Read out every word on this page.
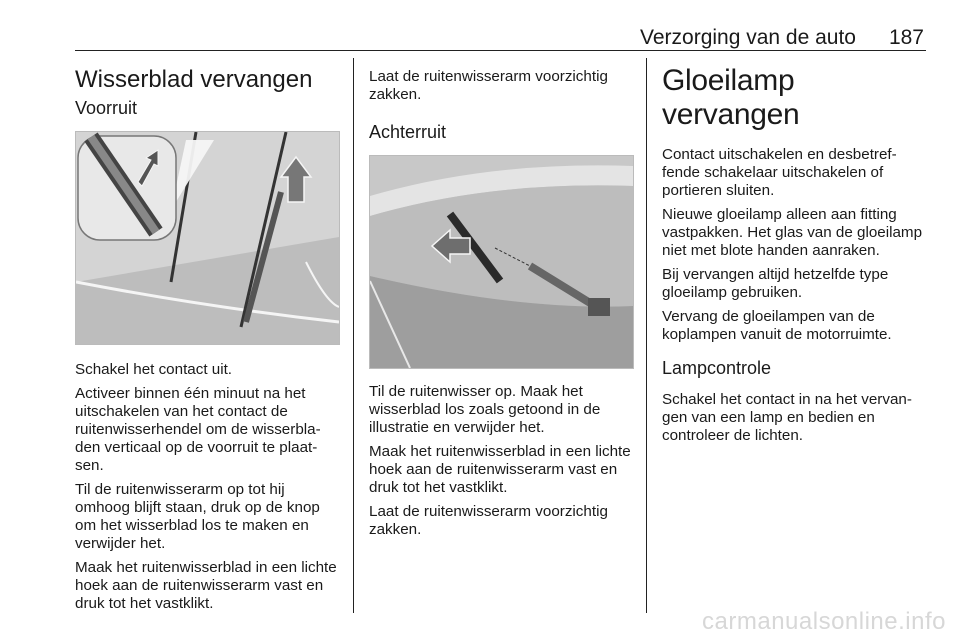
Verzorging van de auto 187
Wisserblad vervangen
Voorruit

Schakel het contact uit.

Activeer binnen één minuut na het uitschakelen van het contact de ruitenwisserhendel om de wisserbladen verticaal op de voorruit te plaatsen.

Til de ruitenwisserarm op tot hij omhoog blijft staan, druk op de knop om het wisserblad los te maken en verwijder het.

Maak het ruitenwisserblad in een lichte hoek aan de ruitenwisserarm vast en druk tot het vastklikt.

Laat de ruitenwisserarm voorzichtig zakken.

Achterruit

Til de ruitenwisser op. Maak het wisserblad los zoals getoond in de illustratie en verwijder het.

Maak het ruitenwisserblad in een lichte hoek aan de ruitenwisserarm vast en druk tot het vastklikt.

Laat de ruitenwisserarm voorzichtig zakken.

Gloeilamp vervangen

Contact uitschakelen en desbetreffende schakelaar uitschakelen of portieren sluiten.

Nieuwe gloeilamp alleen aan fitting vastpakken. Het glas van de gloeilamp niet met blote handen aanraken.

Bij vervangen altijd hetzelfde type gloeilamp gebruiken.

Vervang de gloeilampen van de koplampen vanuit de motorruimte.

Lampcontrole

Schakel het contact in na het vervangen van een lamp en bedien en controleer de lichten.

carmanualsonline.info
